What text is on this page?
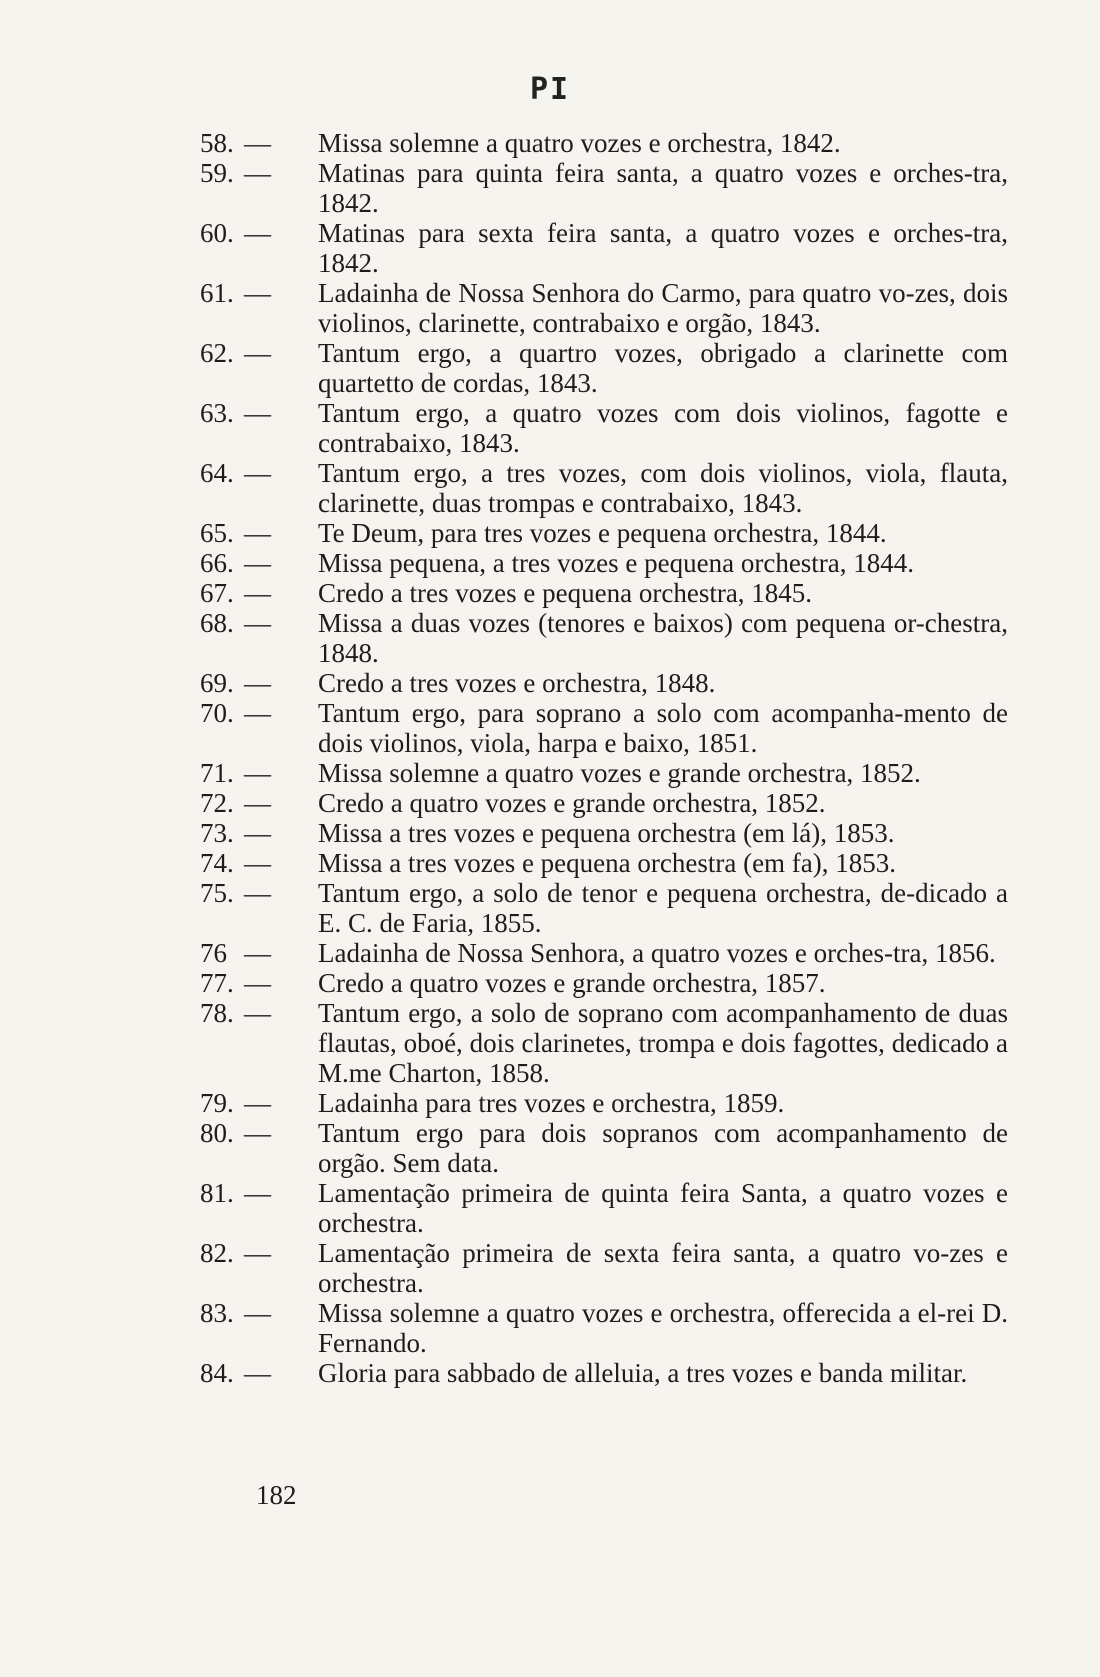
PI

58. —	Missa solemne a quatro vozes e orchestra, 1842.

59. —	Matinas para quinta feira santa, a quatro vozes e orches-tra, 1842.

60. —	Matinas para sexta feira santa, a quatro vozes e orches-tra, 1842.

61. —	Ladainha de Nossa Senhora do Carmo, para quatro vo-zes, dois violinos, clarinette, contrabaixo e orgão, 1843.

62. —	Tantum ergo, a quartro vozes, obrigado a clarinette com quartetto de cordas, 1843.

63. —	Tantum ergo, a quatro vozes com dois violinos, fagotte e contrabaixo, 1843.

64. —	Tantum ergo, a tres vozes, com dois violinos, viola, flauta, clarinette, duas trompas e contrabaixo, 1843.

65. —	Te Deum, para tres vozes e pequena orchestra, 1844.

66. —	Missa pequena, a tres vozes e pequena orchestra, 1844.

67. —	Credo a tres vozes e pequena orchestra, 1845.

68. —	Missa a duas vozes (tenores e baixos) com pequena or-chestra, 1848.

69. —	Credo a tres vozes e orchestra, 1848.

70. —	Tantum ergo, para soprano a solo com acompanha-mento de dois violinos, viola, harpa e baixo, 1851.

71. —	Missa solemne a quatro vozes e grande orchestra, 1852.

72. —	Credo a quatro vozes e grande orchestra, 1852.

73. —	Missa a tres vozes e pequena orchestra (em lá), 1853.

74. —	Missa a tres vozes e pequena orchestra (em fa), 1853.

75. —	Tantum ergo, a solo de tenor e pequena orchestra, de-dicado a E. C. de Faria, 1855.

76 —	Ladainha de Nossa Senhora, a quatro vozes e orches-tra, 1856.

77. —	Credo a quatro vozes e grande orchestra, 1857.

78. —	Tantum ergo, a solo de soprano com acompanhamento de duas flautas, oboé, dois clarinetes, trompa e dois fagottes, dedicado a M.me Charton, 1858.

79. —	Ladainha para tres vozes e orchestra, 1859.

80. —	Tantum ergo para dois sopranos com acompanhamento de orgão. Sem data.

81. —	Lamentação primeira de quinta feira Santa, a quatro vozes e orchestra.

82. —	Lamentação primeira de sexta feira santa, a quatro vo-zes e orchestra.

83. —	Missa solemne a quatro vozes e orchestra, offerecida a el-rei D. Fernando.

84. —	Gloria para sabbado de alleluia, a tres vozes e banda militar.

182
